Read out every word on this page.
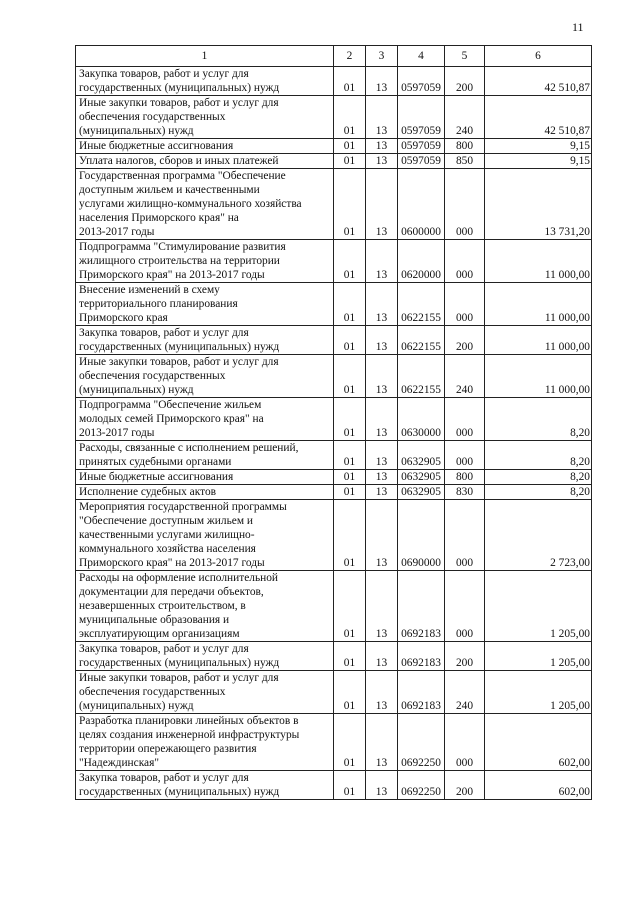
11
1	2	3	4	5	6
Закупка товаров, работ и услуг для
государственных (муниципальных) нужд	01	13	0597059	200	42 510,87
Иные закупки товаров, работ и услуг для
обеспечения государственных
(муниципальных) нужд	01	13	0597059	240	42 510,87
Иные бюджетные ассигнования	01	13	0597059	800	9,15
Уплата налогов, сборов и иных платежей	01	13	0597059	850	9,15
Государственная программа "Обеспечение
доступным жильем и качественными
услугами жилищно-коммунального хозяйства
населения Приморского края" на
2013-2017 годы	01	13	0600000	000	13 731,20
Подпрограмма "Стимулирование развития
жилищного строительства на территории
Приморского края" на 2013-2017 годы	01	13	0620000	000	11 000,00
Внесение изменений в схему
территориального планирования
Приморского края	01	13	0622155	000	11 000,00
Закупка товаров, работ и услуг для
государственных (муниципальных) нужд	01	13	0622155	200	11 000,00
Иные закупки товаров, работ и услуг для
обеспечения государственных
(муниципальных) нужд	01	13	0622155	240	11 000,00
Подпрограмма "Обеспечение жильем
молодых семей Приморского края" на
2013-2017 годы	01	13	0630000	000	8,20
Расходы, связанные с исполнением решений,
принятых судебными органами	01	13	0632905	000	8,20
Иные бюджетные ассигнования	01	13	0632905	800	8,20
Исполнение судебных актов	01	13	0632905	830	8,20
Мероприятия государственной программы
"Обеспечение доступным жильем и
качественными услугами жилищно-
коммунального хозяйства населения
Приморского края" на 2013-2017 годы	01	13	0690000	000	2 723,00
Расходы на оформление исполнительной
документации для передачи объектов,
незавершенных строительством, в
муниципальные образования и
эксплуатирующим организациям	01	13	0692183	000	1 205,00
Закупка товаров, работ и услуг для
государственных (муниципальных) нужд	01	13	0692183	200	1 205,00
Иные закупки товаров, работ и услуг для
обеспечения государственных
(муниципальных) нужд	01	13	0692183	240	1 205,00
Разработка планировки линейных объектов в
целях создания инженерной инфраструктуры
территории опережающего развития
"Надеждинская"	01	13	0692250	000	602,00
Закупка товаров, работ и услуг для
государственных (муниципальных) нужд	01	13	0692250	200	602,00
